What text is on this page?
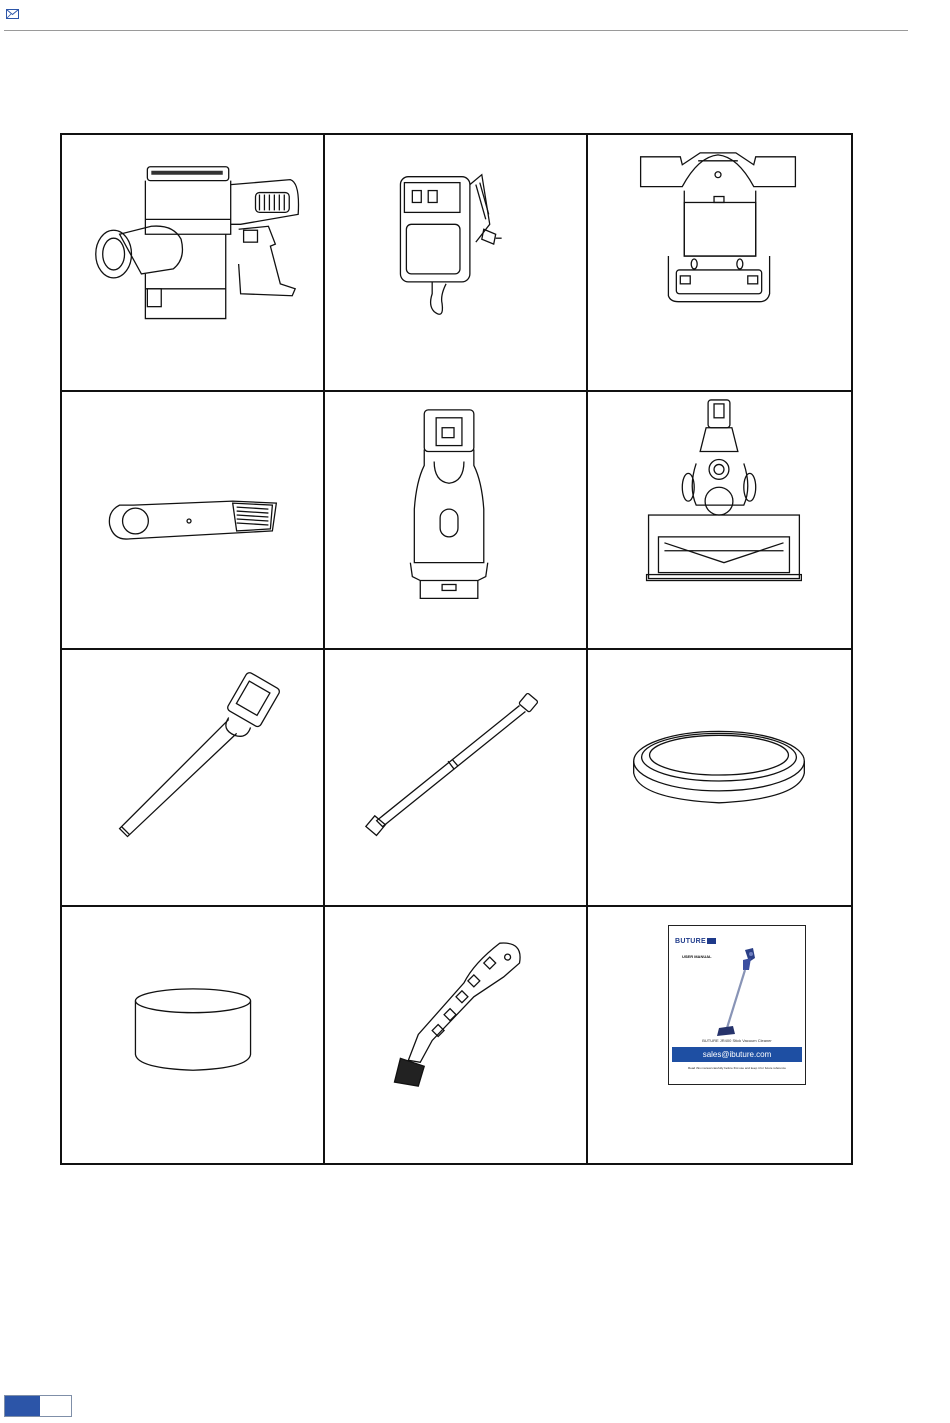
BUTURE
USER MANUAL
BUTURE JR400 Stick Vacuum Cleaner
sales@ibuture.com
Read this manual carefully before first use and keep it for future reference
